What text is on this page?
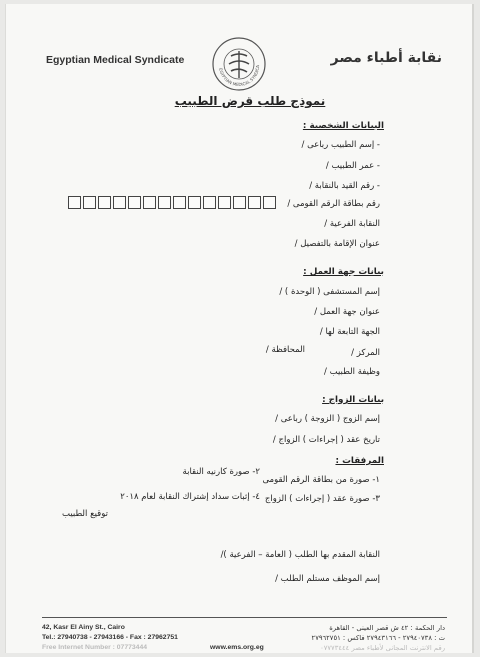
Egyptian Medical Syndicate	نقابة أطباء مصر
EGYPTIAN MEDICAL SYNDICA
نموذج طلب قرض الطبيب
البيانات الشخصية :
- إسم الطبيب رباعى /
- عمر الطبيب /
- رقم القيد بالنقابة /
رقم بطاقة الرقم القومى /
النقابة الفرعية /
عنوان الإقامة بالتفصيل /
بيانات جهة العمل :
إسم المستشفى ( الوحدة ) /
عنوان جهة العمل /
الجهة التابعة لها /
المركز /
المحافظة /
وظيفة الطبيب /
بيانات الزواج :
إسم الزوج ( الزوجة ) رباعى /
تاريخ عقد ( إجراءات ) الزواج /
المرفقات :
١- صورة من بطاقة الرقم القومى
٢- صورة كارنيه النقابة
٣- صورة عقد ( إجراءات ) الزواج
٤- إثبات سداد إشتراك النقابة لعام ٢٠١٨
توقيع الطبيب
النقابة المقدم بها الطلب ( العامة – الفرعية )/
إسم الموظف مستلم الطلب /
42, Kasr El Ainy St., Cairo
Tel.: 27940738 - 27943166 - Fax : 27962751
Free Internet Number : 07773444	www.ems.org.eg
دار الحكمة : ٤٢ ش قصر العينى - القاهرة
ت : ٢٧٩٤٠٧٣٨ - ٢٧٩٤٣١٦٦ فاكس : ٢٧٩٦٢٧٥١
رقم الانترنت المجانى لأطباء مصر ٠٧٧٧٣٤٤٤
